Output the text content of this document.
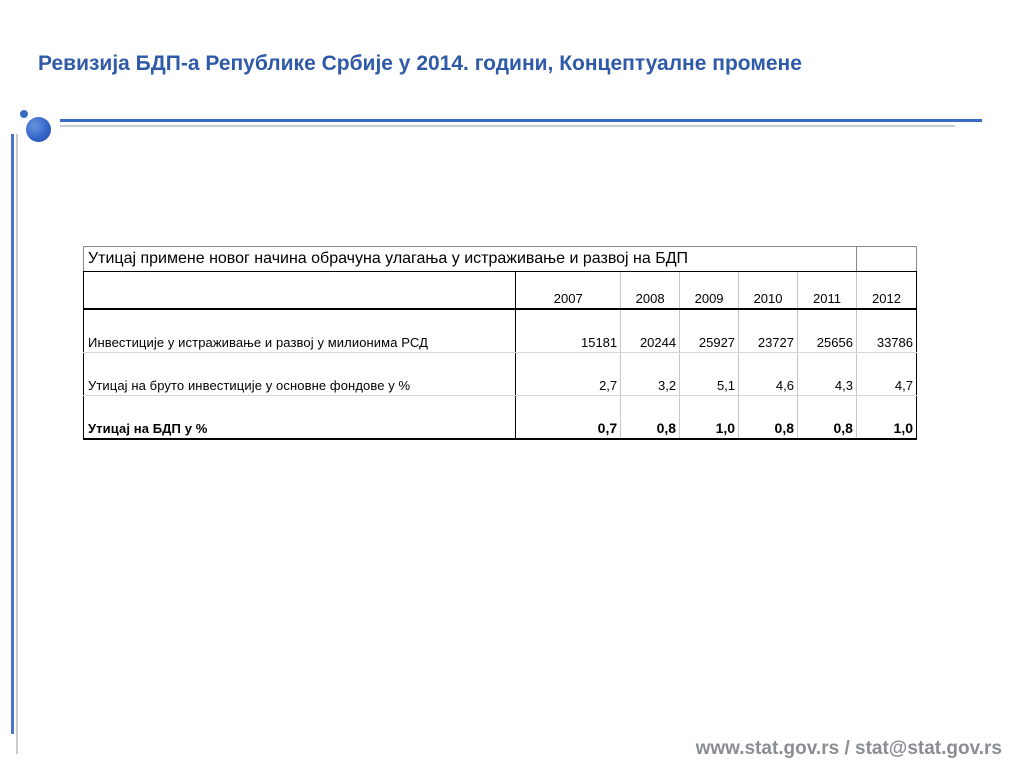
Ревизија БДП-а Републике Србије у 2014. години, Концептуалне промене
Утицај примене новог начина обрачуна улагања у истраживање и развој на БДП						
	2007	2008	2009	2010	2011	2012
Инвестиције у истраживање и развој у милионима РСД	15181	20244	25927	23727	25656	33786
Утицај на бруто инвестиције у основне фондове у %	2,7	3,2	5,1	4,6	4,3	4,7
Утицај на БДП у %	0,7	0,8	1,0	0,8	0,8	1,0
www.stat.gov.rs / stat@stat.gov.rs
